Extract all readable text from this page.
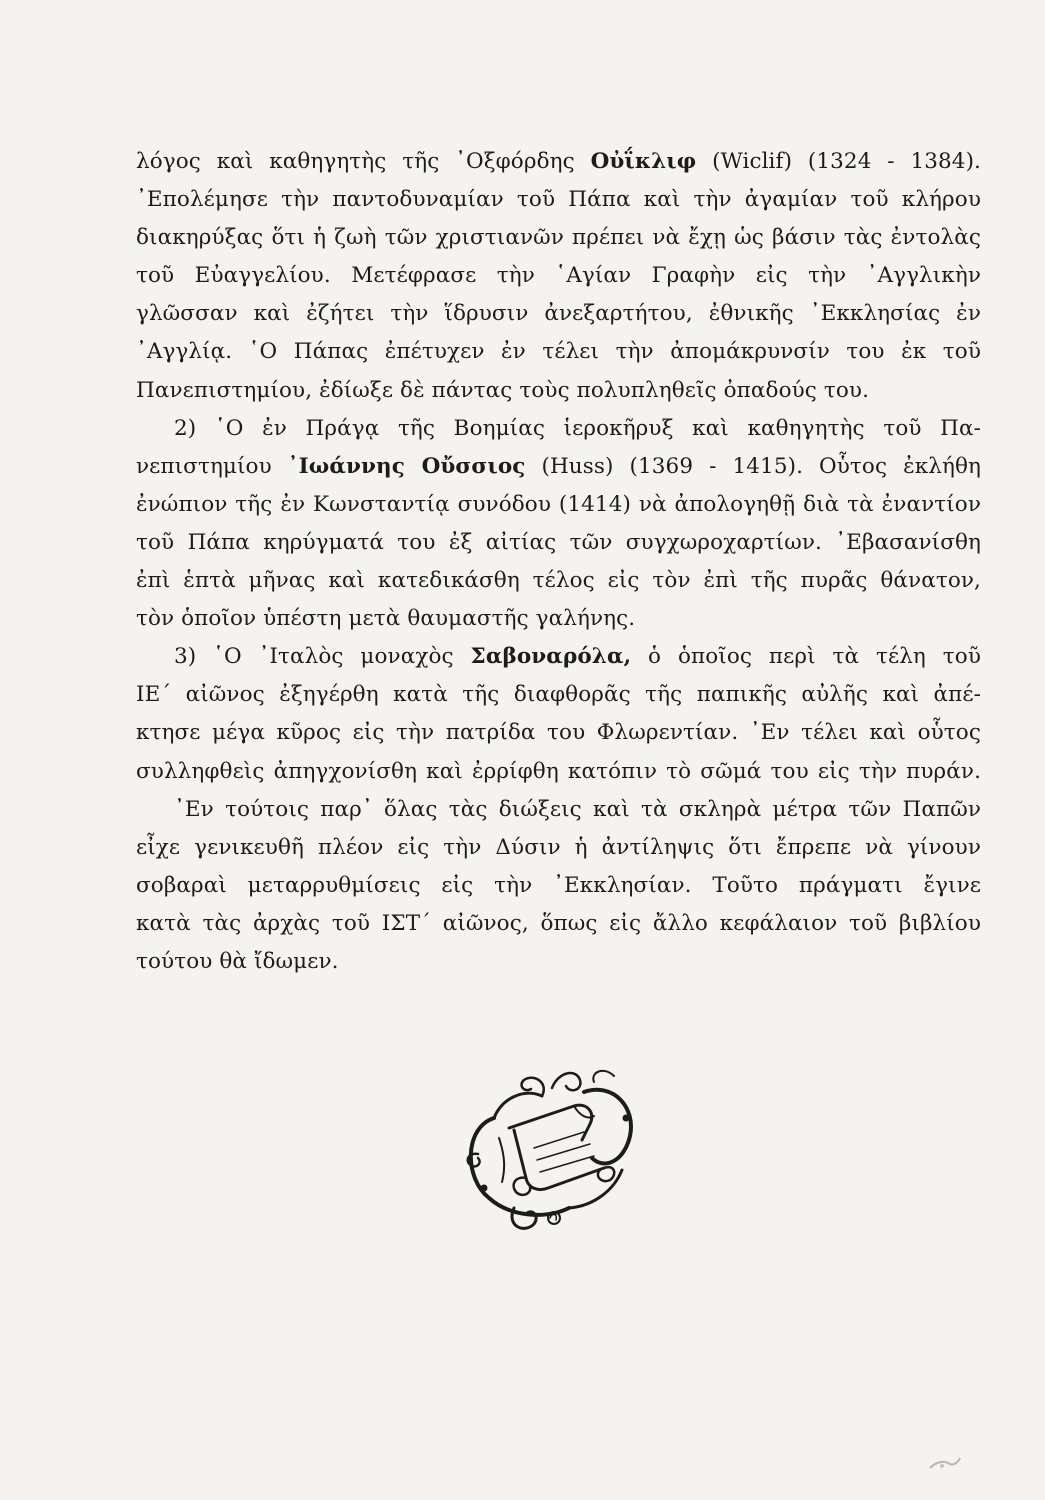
λόγος καὶ καθηγητὴς τῆς ᾿Οξφόρδης Οὐΐκλιφ (Wiclif) (1324 - 1384).
᾿Επολέμησε τὴν παντοδυναμίαν τοῦ Πάπα καὶ τὴν ἀγαμίαν τοῦ κλήρου
διακηρύξας ὅτι ἡ ζωὴ τῶν χριστιανῶν πρέπει νὰ ἔχῃ ὡς βάσιν τὰς ἐντολὰς
τοῦ Εὐαγγελίου. Μετέφρασε τὴν ῾Αγίαν Γραφὴν εἰς τὴν ᾿Αγγλικὴν
γλῶσσαν καὶ ἐζήτει τὴν ἵδρυσιν ἀνεξαρτήτου, ἐθνικῆς ᾿Εκκλησίας ἐν
᾿Αγγλίᾳ. ῾Ο Πάπας ἐπέτυχεν ἐν τέλει τὴν ἀπομάκρυνσίν του ἐκ τοῦ
Πανεπιστημίου, ἐδίωξε δὲ πάντας τοὺς πολυπληθεῖς ὀπαδούς του.
2) ῾Ο ἐν Πράγᾳ τῆς Βοημίας ἱεροκῆρυξ καὶ καθηγητὴς τοῦ Πα-
νεπιστημίου ᾿Ιωάννης Οὔσσιος (Huss) (1369 - 1415). Οὗτος ἐκλήθη
ἐνώπιον τῆς ἐν Κωνσταντίᾳ συνόδου (1414) νὰ ἀπολογηθῇ διὰ τὰ ἐναντίον
τοῦ Πάπα κηρύγματά του ἐξ αἰτίας τῶν συγχωροχαρτίων. ᾿Εβασανίσθη
ἐπὶ ἑπτὰ μῆνας καὶ κατεδικάσθη τέλος εἰς τὸν ἐπὶ τῆς πυρᾶς θάνατον,
τὸν ὁποῖον ὑπέστη μετὰ θαυμαστῆς γαλήνης.
3) ῾Ο ᾿Ιταλὸς μοναχὸς Σαβοναρόλα, ὁ ὁποῖος περὶ τὰ τέλη τοῦ
ΙΕ΄ αἰῶνος ἐξηγέρθη κατὰ τῆς διαφθορᾶς τῆς παπικῆς αὐλῆς καὶ ἀπέ-
κτησε μέγα κῦρος εἰς τὴν πατρίδα του Φλωρεντίαν. ᾿Εν τέλει καὶ οὗτος
συλληφθεὶς ἀπηγχονίσθη καὶ ἐρρίφθη κατόπιν τὸ σῶμά του εἰς τὴν πυράν.
᾿Εν τούτοις παρ᾿ ὅλας τὰς διώξεις καὶ τὰ σκληρὰ μέτρα τῶν Παπῶν
εἶχε γενικευθῆ πλέον εἰς τὴν Δύσιν ἡ ἀντίληψις ὅτι ἔπρεπε νὰ γίνουν
σοβαραὶ μεταρρυθμίσεις εἰς τὴν ᾿Εκκλησίαν. Τοῦτο πράγματι ἔγινε
κατὰ τὰς ἀρχὰς τοῦ ΙΣΤ΄ αἰῶνος, ὅπως εἰς ἄλλο κεφάλαιον τοῦ βιβλίου
τούτου θὰ ἴδωμεν.
